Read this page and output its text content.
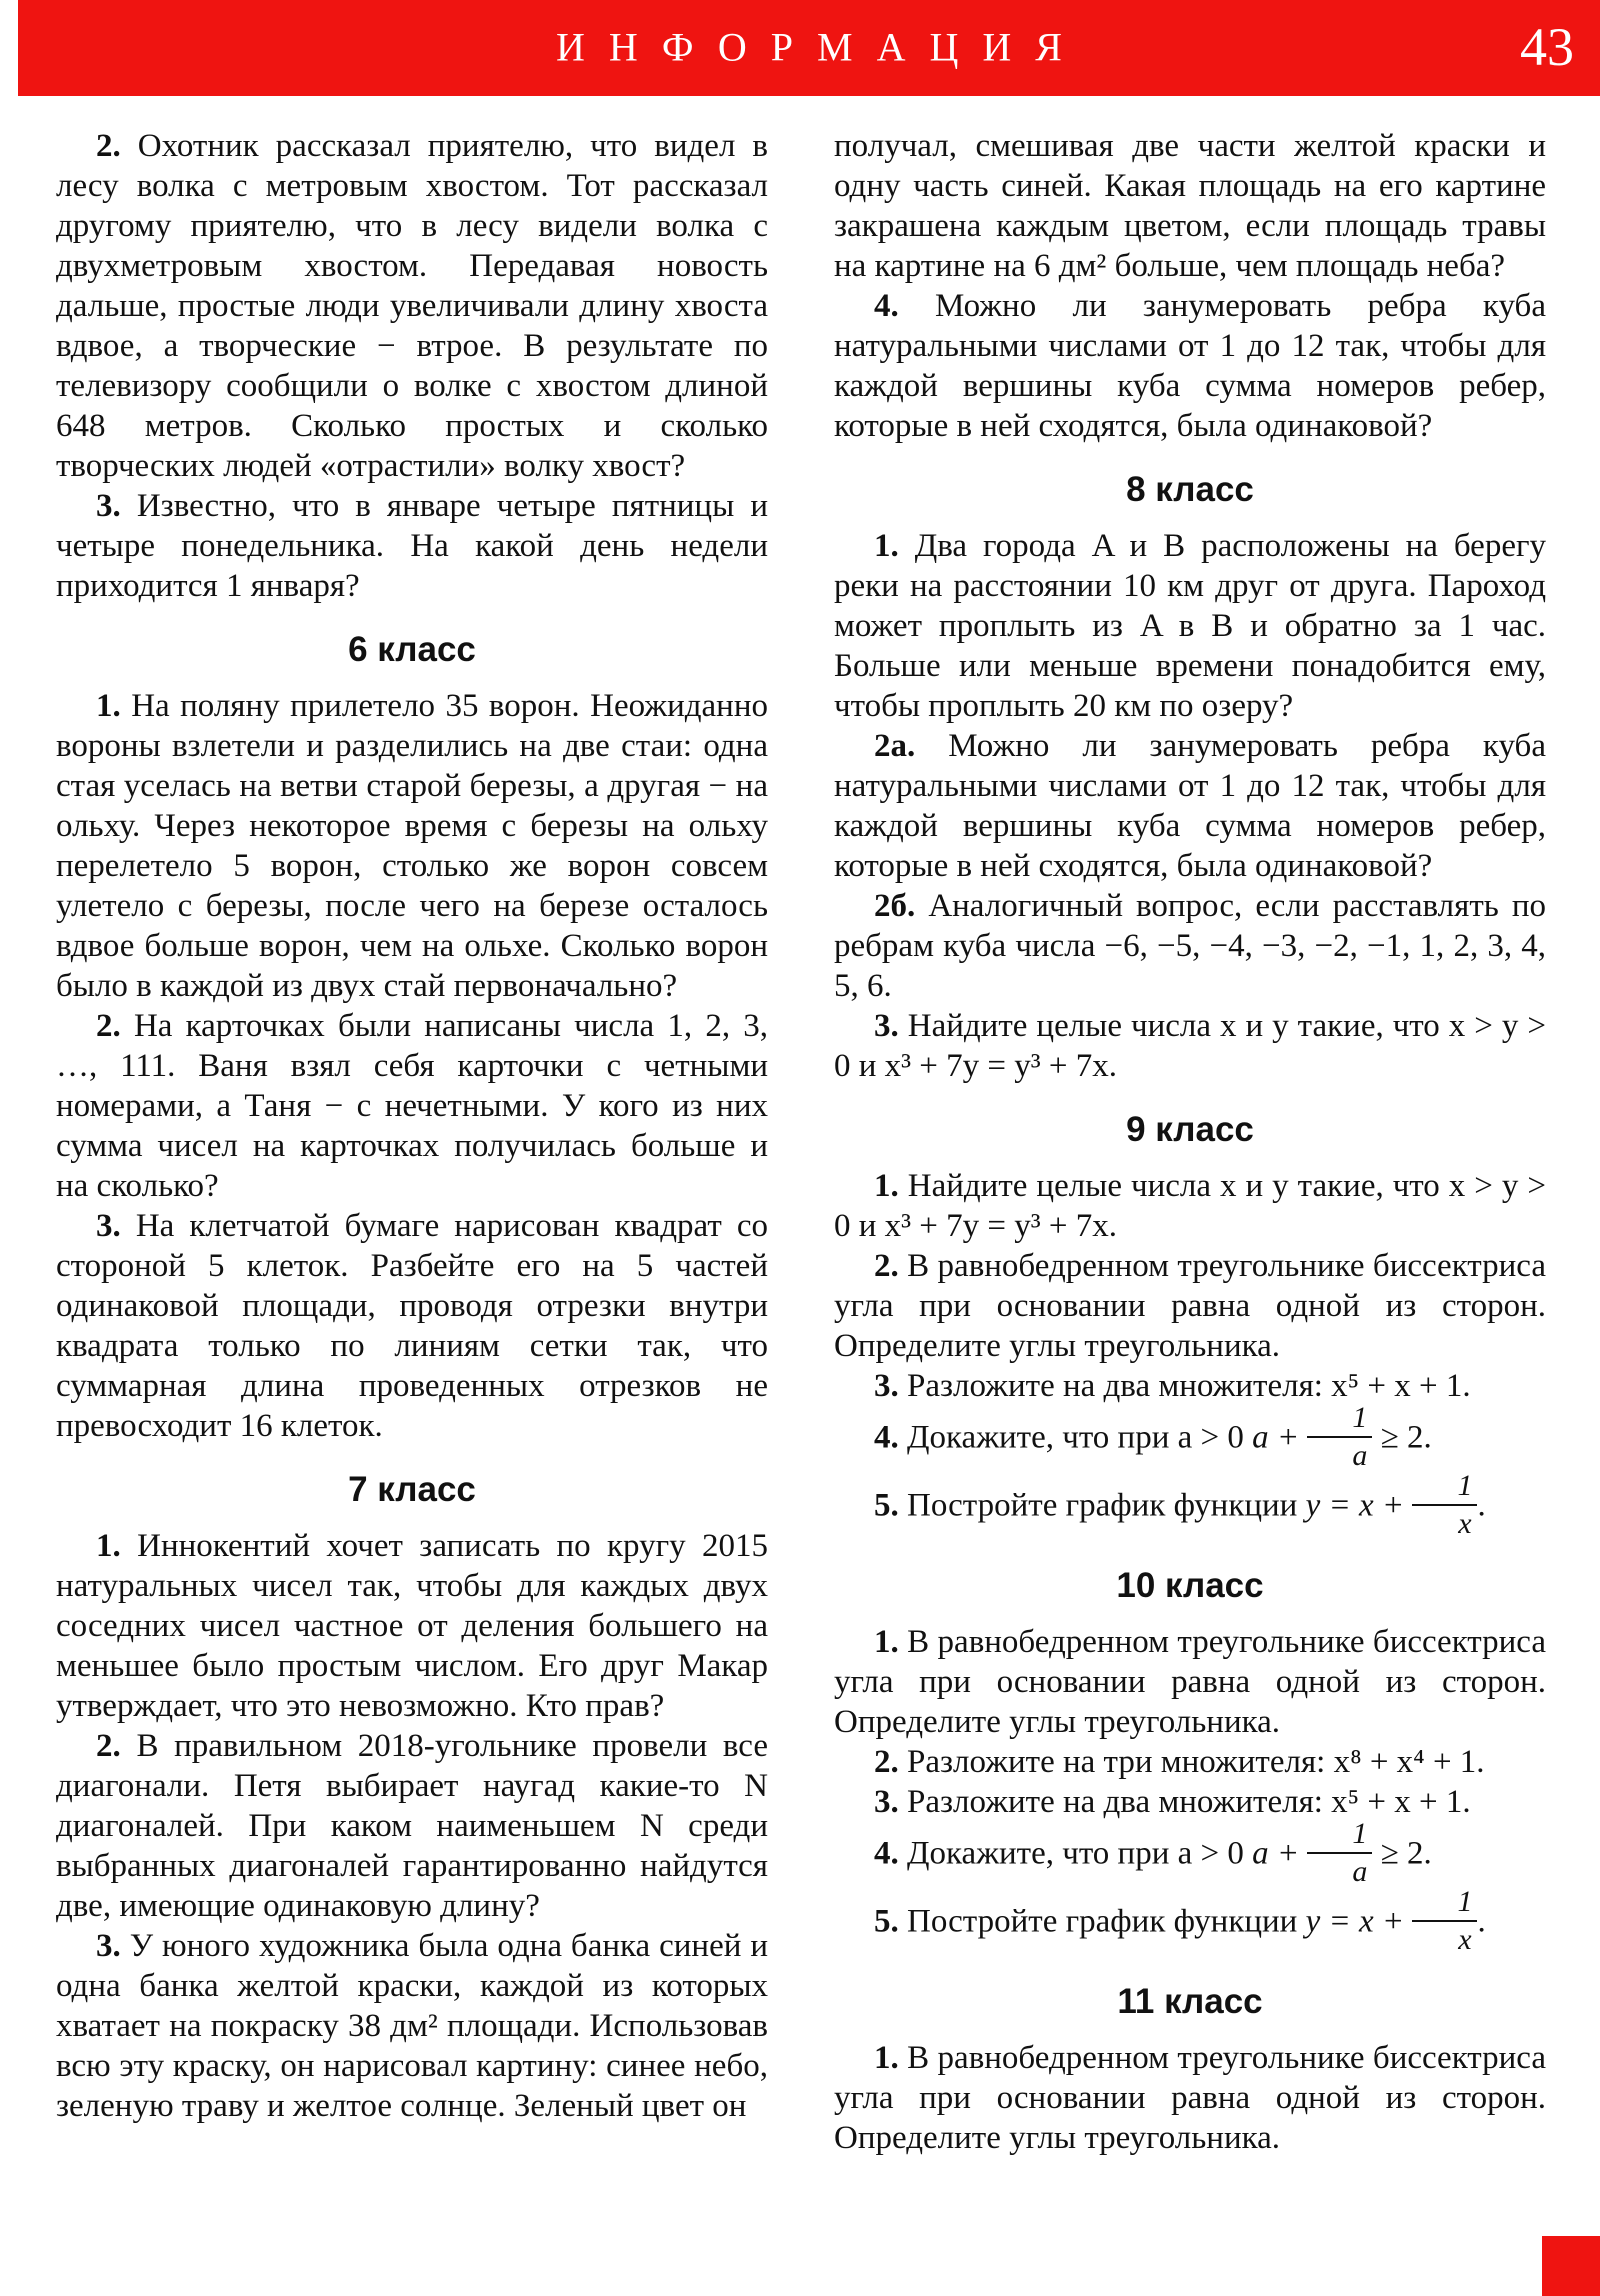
ИНФОРМАЦИЯ	43

2. Охотник рассказал приятелю, что видел в лесу волка с метровым хвостом. Тот рассказал другому приятелю, что в лесу видели волка с двухметровым хвостом. Передавая новость дальше, простые люди увеличивали длину хвоста вдвое, а творческие − втрое. В результате по телевизору сообщили о волке с хвостом длиной 648 метров. Сколько простых и сколько творческих людей «отрастили» волку хвост?

3. Известно, что в январе четыре пятницы и четыре понедельника. На какой день недели приходится 1 января?

6 класс

1. На поляну прилетело 35 ворон. Неожиданно вороны взлетели и разделились на две стаи: одна стая уселась на ветви старой березы, а другая − на ольху. Через некоторое время с березы на ольху перелетело 5 ворон, столько же ворон совсем улетело с березы, после чего на березе осталось вдвое больше ворон, чем на ольхе. Сколько ворон было в каждой из двух стай первоначально?

2. На карточках были написаны числа 1, 2, 3, …, 111. Ваня взял себя карточки с четными номерами, а Таня − с нечетными. У кого из них сумма чисел на карточках получилась больше и на сколько?

3. На клетчатой бумаге нарисован квадрат со стороной 5 клеток. Разбейте его на 5 частей одинаковой площади, проводя отрезки внутри квадрата только по линиям сетки так, что суммарная длина проведенных отрезков не превосходит 16 клеток.

7 класс

1. Иннокентий хочет записать по кругу 2015 натуральных чисел так, чтобы для каждых двух соседних чисел частное от деления большего на меньшее было простым числом. Его друг Макар утверждает, что это невозможно. Кто прав?

2. В правильном 2018-угольнике провели все диагонали. Петя выбирает наугад какие-то N диагоналей. При каком наименьшем N среди выбранных диагоналей гарантированно найдутся две, имеющие одинаковую длину?

3. У юного художника была одна банка синей и одна банка желтой краски, каждой из которых хватает на покраску 38 дм² площади. Использовав всю эту краску, он нарисовал картину: синее небо, зеленую траву и желтое солнце. Зеленый цвет он

получал, смешивая две части желтой краски и одну часть синей. Какая площадь на его картине закрашена каждым цветом, если площадь травы на картине на 6 дм² больше, чем площадь неба?

4. Можно ли занумеровать ребра куба натуральными числами от 1 до 12 так, чтобы для каждой вершины куба сумма номеров ребер, которые в ней сходятся, была одинаковой?

8 класс

1. Два города A и B расположены на берегу реки на расстоянии 10 км друг от друга. Пароход может проплыть из A в B и обратно за 1 час. Больше или меньше времени понадобится ему, чтобы проплыть 20 км по озеру?

2а. Можно ли занумеровать ребра куба натуральными числами от 1 до 12 так, чтобы для каждой вершины куба сумма номеров ребер, которые в ней сходятся, была одинаковой?

2б. Аналогичный вопрос, если расставлять по ребрам куба числа −6, −5, −4, −3, −2, −1, 1, 2, 3, 4, 5, 6.

3. Найдите целые числа x и y такие, что x > y > 0 и x³ + 7y = y³ + 7x.

9 класс

1. Найдите целые числа x и y такие, что x > y > 0 и x³ + 7y = y³ + 7x.

2. В равнобедренном треугольнике биссектриса угла при основании равна одной из сторон. Определите углы треугольника.

3. Разложите на два множителя: x⁵ + x + 1.

4. Докажите, что при a > 0 $a + \frac{1}{a} \ge 2$.

5. Постройте график функции $y = x + \frac{1}{x}$ .

10 класс

1. В равнобедренном треугольнике биссектриса угла при основании равна одной из сторон. Определите углы треугольника.

2. Разложите на три множителя: x⁸ + x⁴ + 1.

3. Разложите на два множителя: x⁵ + x + 1.

4. Докажите, что при a > 0 $a + \frac{1}{a} \ge 2$.

5. Постройте график функции $y = x + \frac{1}{x}$ .

11 класс

1. В равнобедренном треугольнике биссектриса угла при основании равна одной из сторон. Определите углы треугольника.
